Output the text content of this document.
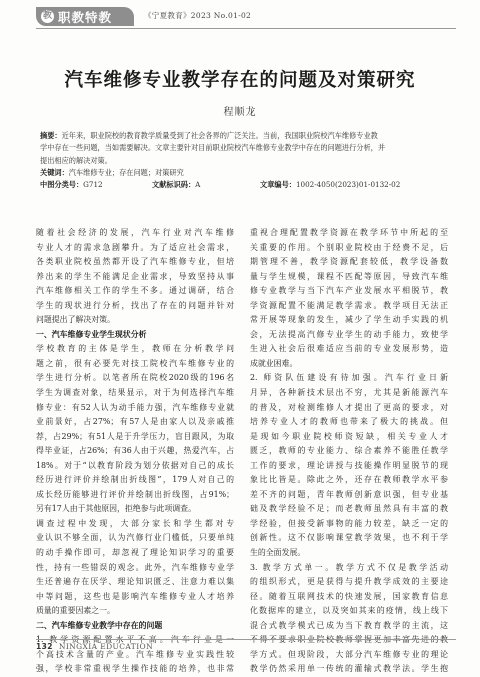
教 职教特教	《宁夏教育》2023 No.01-02
汽车维修专业教学存在的问题及对策研究
程顺龙
摘要：近年来，职业院校的教育教学质量受到了社会各界的广泛关注。当前，我国职业院校汽车维修专业教
学中存在一些问题，当如需要解决。文章主要针对目前职业院校汽车维修专业教学中存在的问题进行分析，并
提出相应的解决对策。
关键词：汽车维修专业；存在问题；对策研究
中图分类号：G712	文献标识码：A	文章编号：1002-4050(2023)01-0132-02
随着社会经济的发展，汽车行业对汽车维修
专业人才的需求急剧攀升。为了适应社会需求，
各类职业院校虽然都开设了汽车维修专业，但培
养出来的学生不能满足企业需求，导致坚持从事
汽车维修相关工作的学生不多。通过调研，结合
学生的现状进行分析，找出了存在的问题并针对
问题提出了解决对策。
一、汽车维修专业学生现状分析
学校教育的主体是学生，教师在分析教学问
题之前，很有必要先对技工院校汽车维修专业的
学生进行分析。以笔者所在院校2020级的196名
学生为调查对象，结果显示，对于为何选择汽车维
修专业：有52人认为动手能力强，汽车维修专业就
业前景好，占27%；有57人是由家人以及亲戚推
荐，占29%；有51人是于升学压力，盲目跟风，为取
得毕业证，占26%；有36人由于兴趣，热爱汽车，占
18%。对于“以教育阶段为划分依据对自己的成长
经历进行评价并绘制出折线图”，179人对自己的
成长经历能够进行评价并绘制出折线图，占91%；
另有17人由于其他原因，拒绝参与此项调查。
调查过程中发现，大部分家长和学生都对专
业认识不够全面，认为汽修行业门槛低，只要单纯
的动手操作即可，却忽视了理论知识学习的重要
性，持有一些错误的观念。此外，汽车维修专业学
生还普遍存在厌学、理论知识匮乏、注意力难以集
中等问题，这些也是影响汽车维修专业人才培养
质量的重要因素之一。
二、汽车维修专业教学中存在的问题
1. 教学资源配置水平不高。汽车行业是一
个高技术含量的产业。汽车维修专业实践性较
强，学校非常重视学生操作技能的培养，也非常
重视合理配置教学资源在教学环节中所起的至
关重要的作用。个别职业院校由于经费不足，后
期管理不善，教学资源配套较低，教学设备数
量与学生规模，课程不匹配等原因，导致汽车维
修专业教学与当下汽车产业发展水平相脱节，教
学资源配置不能满足教学需求。教学项目无法正
常开展等现象的发生，减少了学生动手实践的机
会，无法提高汽修专业学生的动手能力，致使学
生进入社会后很难适应当前的专业发展形势，造
成就业困难。
2. 师资队伍建设有待加强。汽车行业日新
月异，各种新技术层出不穷，尤其是新能源汽车
的普及，对检测维修人才提出了更高的要求，对
培养专业人才的教师也带来了极大的挑战。但
是现如今职业院校师资短缺，相关专业人才
匮乏，教师的专业能力、综合素养不能胜任教学
工作的要求，理论讲授与技能操作明显脱节的现
象比比皆是。除此之外，还存在教师教学水平参
差不齐的问题，青年教师创新意识强，但专业基
础及教学经验不足；而老教师虽然具有丰富的教
学经验，但接受新事物的能力较差，缺乏一定的
创新性。这不仅影响课堂教学效果，也不利于学
生的全面发展。
3. 教学方式单一。教学方式不仅是教学活动
的组织形式，更是获得与提升教学成效的主要途
径。随着互联网技术的快速发展，国家教育信息
化数据库的建立，以及突如其来的疫情，线上线下
混合式教学模式已成为当下教育教学的主流，这
不得不要求职业院校教师掌握更加丰富先进的教
学方式。但现阶段，大部分汽车维修专业的理论
教学仍然采用单一传统的灌输式教学法。学生抱
132 NINGXIA EDUCATION
